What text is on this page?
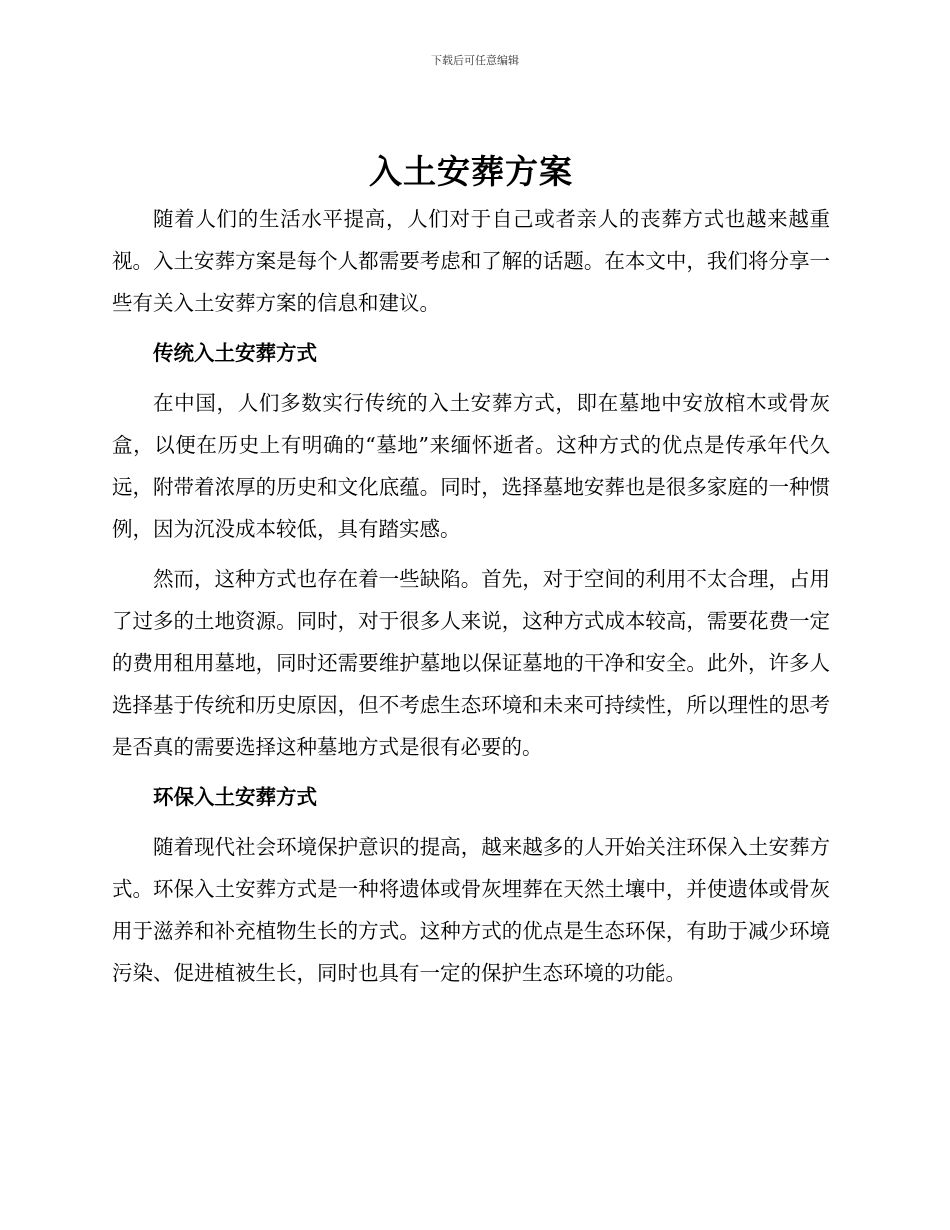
下载后可任意编辑
入土安葬方案

随着人们的生活水平提高，人们对于自己或者亲人的丧葬方式也越来越重视。入土安葬方案是每个人都需要考虑和了解的话题。在本文中，我们将分享一些有关入土安葬方案的信息和建议。

传统入土安葬方式

在中国，人们多数实行传统的入土安葬方式，即在墓地中安放棺木或骨灰盒，以便在历史上有明确的“墓地”来缅怀逝者。这种方式的优点是传承年代久远，附带着浓厚的历史和文化底蕴。同时，选择墓地安葬也是很多家庭的一种惯例，因为沉没成本较低，具有踏实感。

然而，这种方式也存在着一些缺陷。首先，对于空间的利用不太合理，占用了过多的土地资源。同时，对于很多人来说，这种方式成本较高，需要花费一定的费用租用墓地，同时还需要维护墓地以保证墓地的干净和安全。此外，许多人选择基于传统和历史原因，但不考虑生态环境和未来可持续性，所以理性的思考是否真的需要选择这种墓地方式是很有必要的。

环保入土安葬方式

随着现代社会环境保护意识的提高，越来越多的人开始关注环保入土安葬方式。环保入土安葬方式是一种将遗体或骨灰埋葬在天然土壤中，并使遗体或骨灰用于滋养和补充植物生长的方式。这种方式的优点是生态环保，有助于减少环境污染、促进植被生长，同时也具有一定的保护生态环境的功能。
